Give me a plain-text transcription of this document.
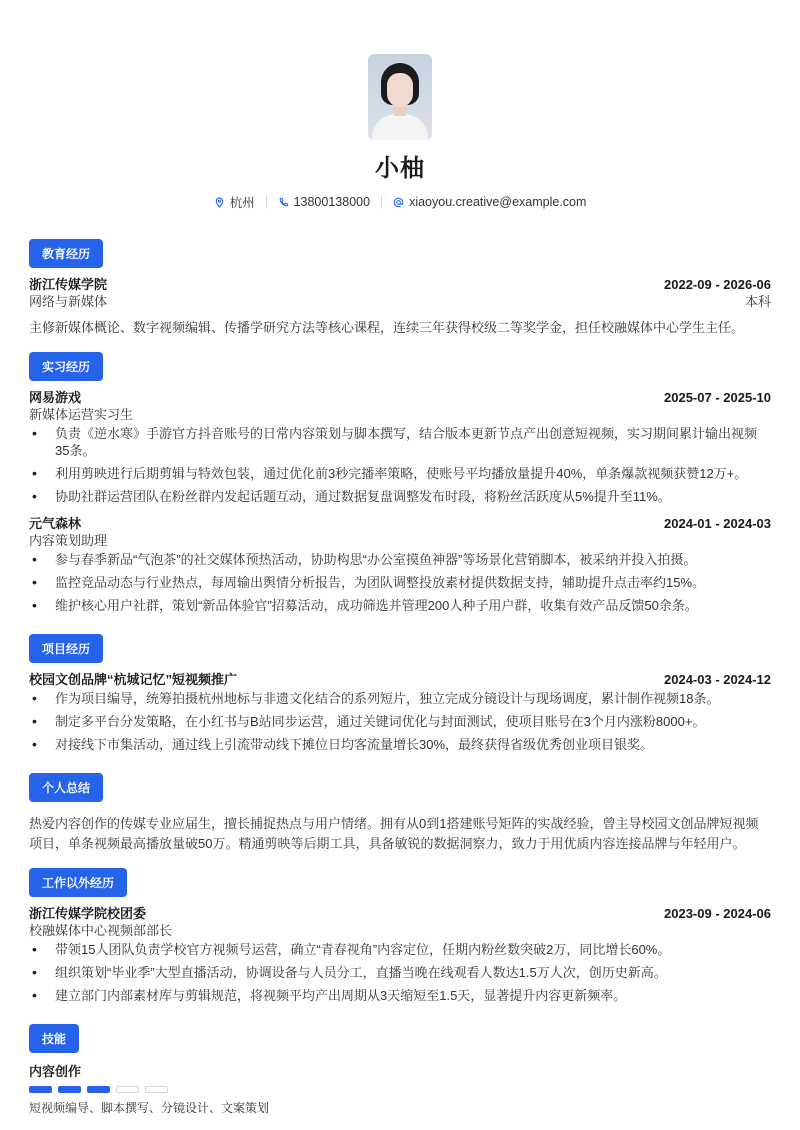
小柚
杭州	13800138000	xiaoyou.creative@example.com
教育经历
浙江传媒学院	2022-09 - 2026-06
网络与新媒体	本科
主修新媒体概论、数字视频编辑、传播学研究方法等核心课程，连续三年获得校级二等奖学金，担任校融媒体中心学生主任。
实习经历
网易游戏	2025-07 - 2025-10
新媒体运营实习生
• 负责《逆水寒》手游官方抖音账号的日常内容策划与脚本撰写，结合版本更新节点产出创意短视频，实习期间累计输出视频35条。
• 利用剪映进行后期剪辑与特效包装，通过优化前3秒完播率策略，使账号平均播放量提升40%，单条爆款视频获赞12万+。
• 协助社群运营团队在粉丝群内发起话题互动，通过数据复盘调整发布时段，将粉丝活跃度从5%提升至11%。
元气森林	2024-01 - 2024-03
内容策划助理
• 参与春季新品“气泡茶”的社交媒体预热活动，协助构思“办公室摸鱼神器”等场景化营销脚本，被采纳并投入拍摄。
• 监控竞品动态与行业热点，每周输出舆情分析报告，为团队调整投放素材提供数据支持，辅助提升点击率约15%。
• 维护核心用户社群，策划“新品体验官”招募活动，成功筛选并管理200人种子用户群，收集有效产品反馈50余条。
项目经历
校园文创品牌“杭城记忆”短视频推广	2024-03 - 2024-12
• 作为项目编导，统筹拍摄杭州地标与非遗文化结合的系列短片，独立完成分镜设计与现场调度，累计制作视频18条。
• 制定多平台分发策略，在小红书与B站同步运营，通过关键词优化与封面测试，使项目账号在3个月内涨粉8000+。
• 对接线下市集活动，通过线上引流带动线下摊位日均客流量增长30%，最终获得省级优秀创业项目银奖。
个人总结
热爱内容创作的传媒专业应届生，擅长捕捉热点与用户情绪。拥有从0到1搭建账号矩阵的实战经验，曾主导校园文创品牌短视频项目，单条视频最高播放量破50万。精通剪映等后期工具，具备敏锐的数据洞察力，致力于用优质内容连接品牌与年轻用户。
工作以外经历
浙江传媒学院校团委	2023-09 - 2024-06
校融媒体中心视频部部长
• 带领15人团队负责学校官方视频号运营，确立“青春视角”内容定位，任期内粉丝数突破2万，同比增长60%。
• 组织策划“毕业季”大型直播活动，协调设备与人员分工，直播当晚在线观看人数达1.5万人次，创历史新高。
• 建立部门内部素材库与剪辑规范，将视频平均产出周期从3天缩短至1.5天，显著提升内容更新频率。
技能
内容创作
短视频编导、脚本撰写、分镜设计、文案策划
